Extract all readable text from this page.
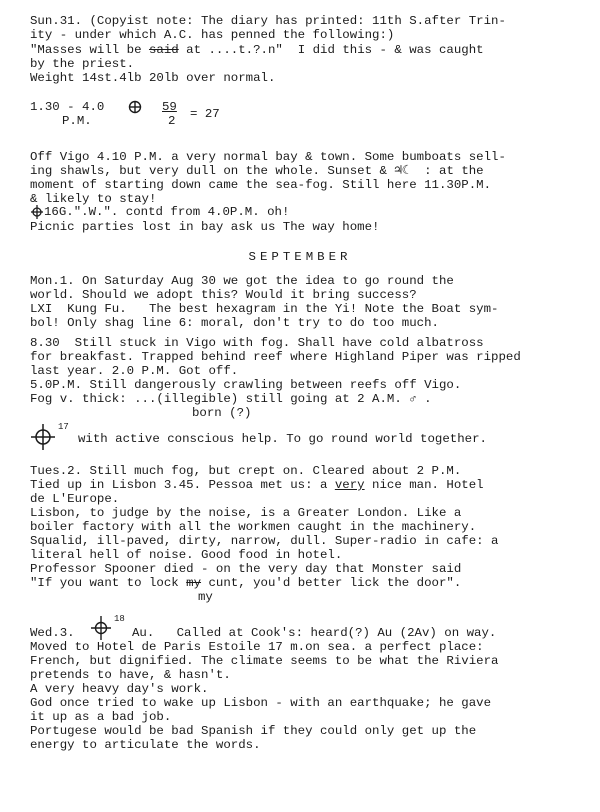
Sun.31. (Copyist note: The diary has printed: 11th S.after Trin-
ity - under which A.C. has penned the following:)
"Masses will be said at ....t.?.n"  I did this - & was caught
by the priest.
Weight 14st.4lb 20lb over normal.
1.30 - 4.0
P.M.
59
2 = 27
Off Vigo 4.10 P.M. a very normal bay & town. Some bumboats sell-
ing shawls, but very dull on the whole. Sunset & ♃☾  : at the
moment of starting down came the sea-fog. Still here 11.30P.M.
& likely to stay!
16G.".W.". contd from 4.0P.M. oh!
Picnic parties lost in bay ask us The way home!
SEPTEMBER
Mon.1. On Saturday Aug 30 we got the idea to go round the
world. Should we adopt this? Would it bring success?
LXI  Kung Fu.   The best hexagram in the Yi! Note the Boat sym-
bol! Only shag line 6: moral, don't try to do too much.
8.30  Still stuck in Vigo with fog. Shall have cold albatross
for breakfast. Trapped behind reef where Highland Piper was ripped
last year. 2.0 P.M. Got off.
5.0P.M. Still dangerously crawling between reefs off Vigo.
Fog v. thick: ...(illegible) still going at 2 A.M. ♂ .
born (?)
17
with active conscious help. To go round world together.
Tues.2. Still much fog, but crept on. Cleared about 2 P.M.
Tied up in Lisbon 3.45. Pessoa met us: a very nice man. Hotel
de L'Europe.
Lisbon, to judge by the noise, is a Greater London. Like a
boiler factory with all the workmen caught in the machinery.
Squalid, ill-paved, dirty, narrow, dull. Super-radio in cafe: a
literal hell of noise. Good food in hotel.
Professor Spooner died - on the very day that Monster said
"If you want to lock my cunt, you'd better lick the door".
my
Wed.3.
18
Au.   Called at Cook's: heard(?) Au (2Av) on way.
Moved to Hotel de Paris Estoile 17 m.on sea. a perfect place:
French, but dignified. The climate seems to be what the Riviera
pretends to have, & hasn't.
A very heavy day's work.
God once tried to wake up Lisbon - with an earthquake; he gave
it up as a bad job.
Portugese would be bad Spanish if they could only get up the
energy to articulate the words.
